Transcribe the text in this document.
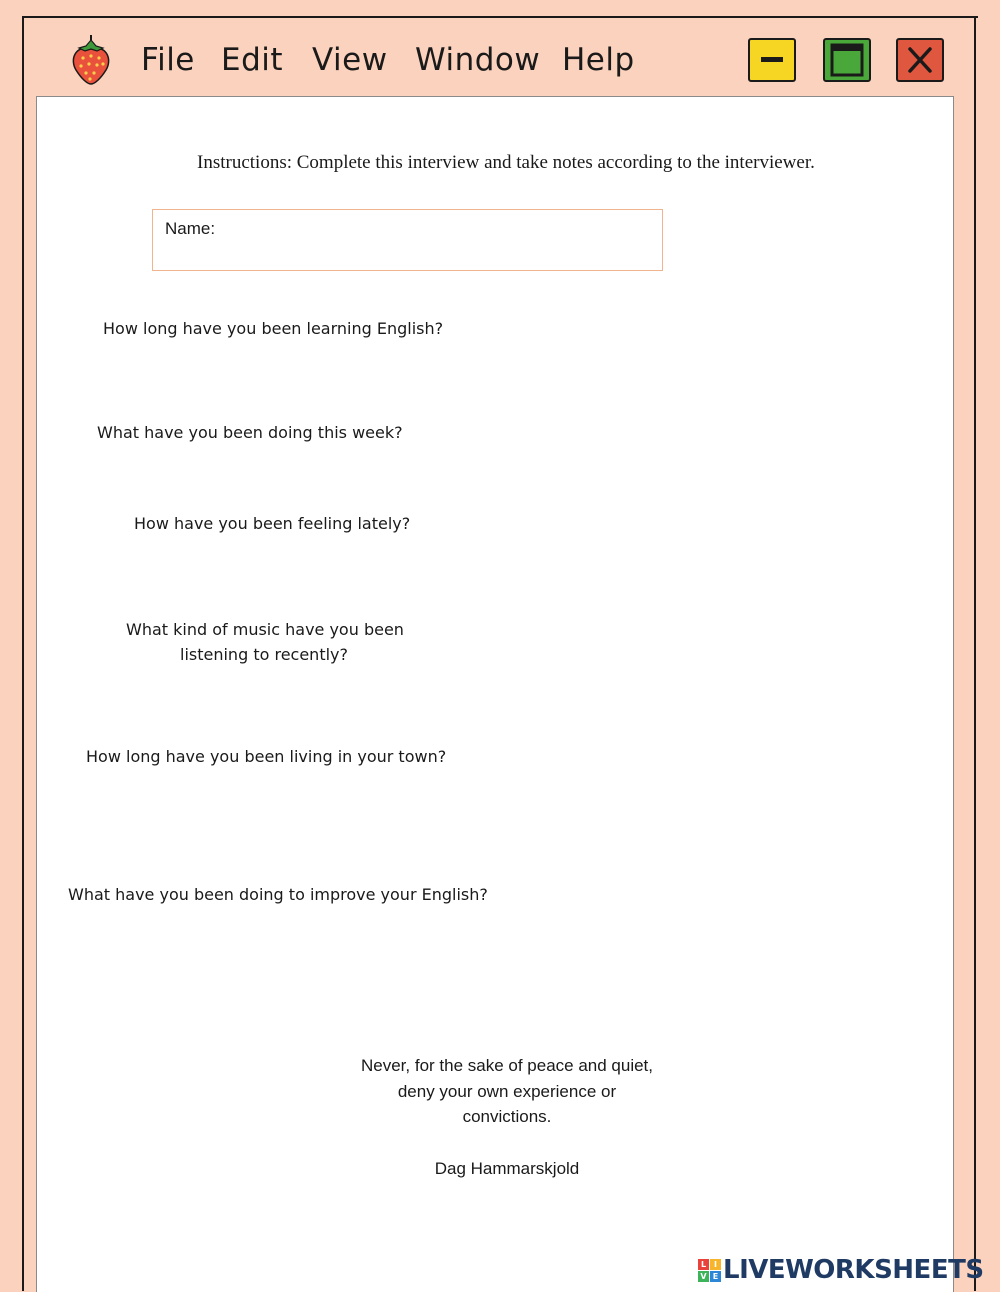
File Edit View Window Help
Instructions: Complete this interview and take notes according to the interviewer.
Name:
How long have you been learning English?
What have you been doing this week?
How have you been feeling lately?
What kind of music have you been
listening to recently?
How long have you been living in your town?
What have you been doing to improve your English?
Never, for the sake of peace and quiet,
deny your own experience or
convictions.
Dag Hammarskjold
L I
V E LIVEWORKSHEETS
